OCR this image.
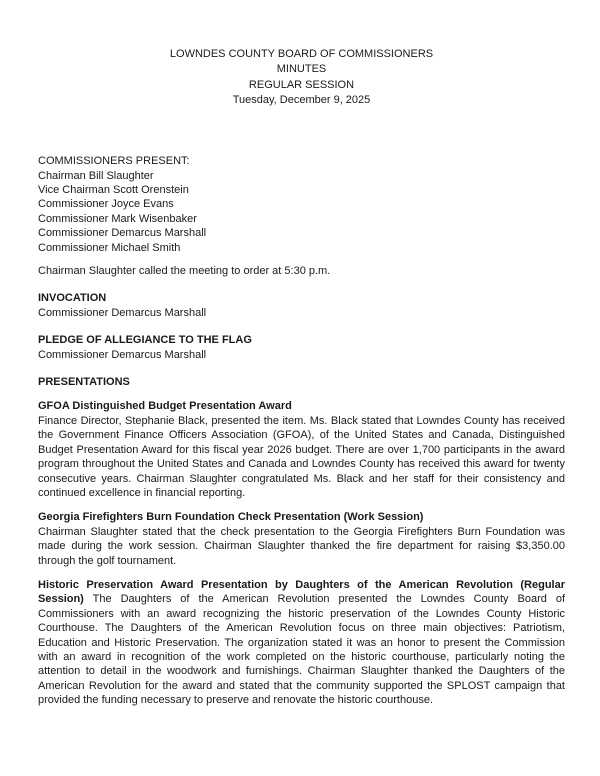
LOWNDES COUNTY BOARD OF COMMISSIONERS
MINUTES
REGULAR SESSION
Tuesday, December 9, 2025
COMMISSIONERS PRESENT:
Chairman Bill Slaughter
Vice Chairman Scott Orenstein
Commissioner Joyce Evans
Commissioner Mark Wisenbaker
Commissioner Demarcus Marshall
Commissioner Michael Smith

Chairman Slaughter called the meeting to order at 5:30 p.m.

INVOCATION

Commissioner Demarcus Marshall

PLEDGE OF ALLEGIANCE TO THE FLAG

Commissioner Demarcus Marshall

PRESENTATIONS
GFOA Distinguished Budget Presentation Award

Finance Director, Stephanie Black, presented the item. Ms. Black stated that Lowndes County has received the Government Finance Officers Association (GFOA), of the United States and Canada, Distinguished Budget Presentation Award for this fiscal year 2026 budget. There are over 1,700 participants in the award program throughout the United States and Canada and Lowndes County has received this award for twenty consecutive years. Chairman Slaughter congratulated Ms. Black and her staff for their consistency and continued excellence in financial reporting.

Georgia Firefighters Burn Foundation Check Presentation (Work Session)

Chairman Slaughter stated that the check presentation to the Georgia Firefighters Burn Foundation was made during the work session. Chairman Slaughter thanked the fire department for raising $3,350.00 through the golf tournament.

Historic Preservation Award Presentation by Daughters of the American Revolution (Regular Session) The Daughters of the American Revolution presented the Lowndes County Board of Commissioners with an award recognizing the historic preservation of the Lowndes County Historic Courthouse. The Daughters of the American Revolution focus on three main objectives: Patriotism, Education and Historic Preservation. The organization stated it was an honor to present the Commission with an award in recognition of the work completed on the historic courthouse, particularly noting the attention to detail in the woodwork and furnishings. Chairman Slaughter thanked the Daughters of the American Revolution for the award and stated that the community supported the SPLOST campaign that provided the funding necessary to preserve and renovate the historic courthouse.
